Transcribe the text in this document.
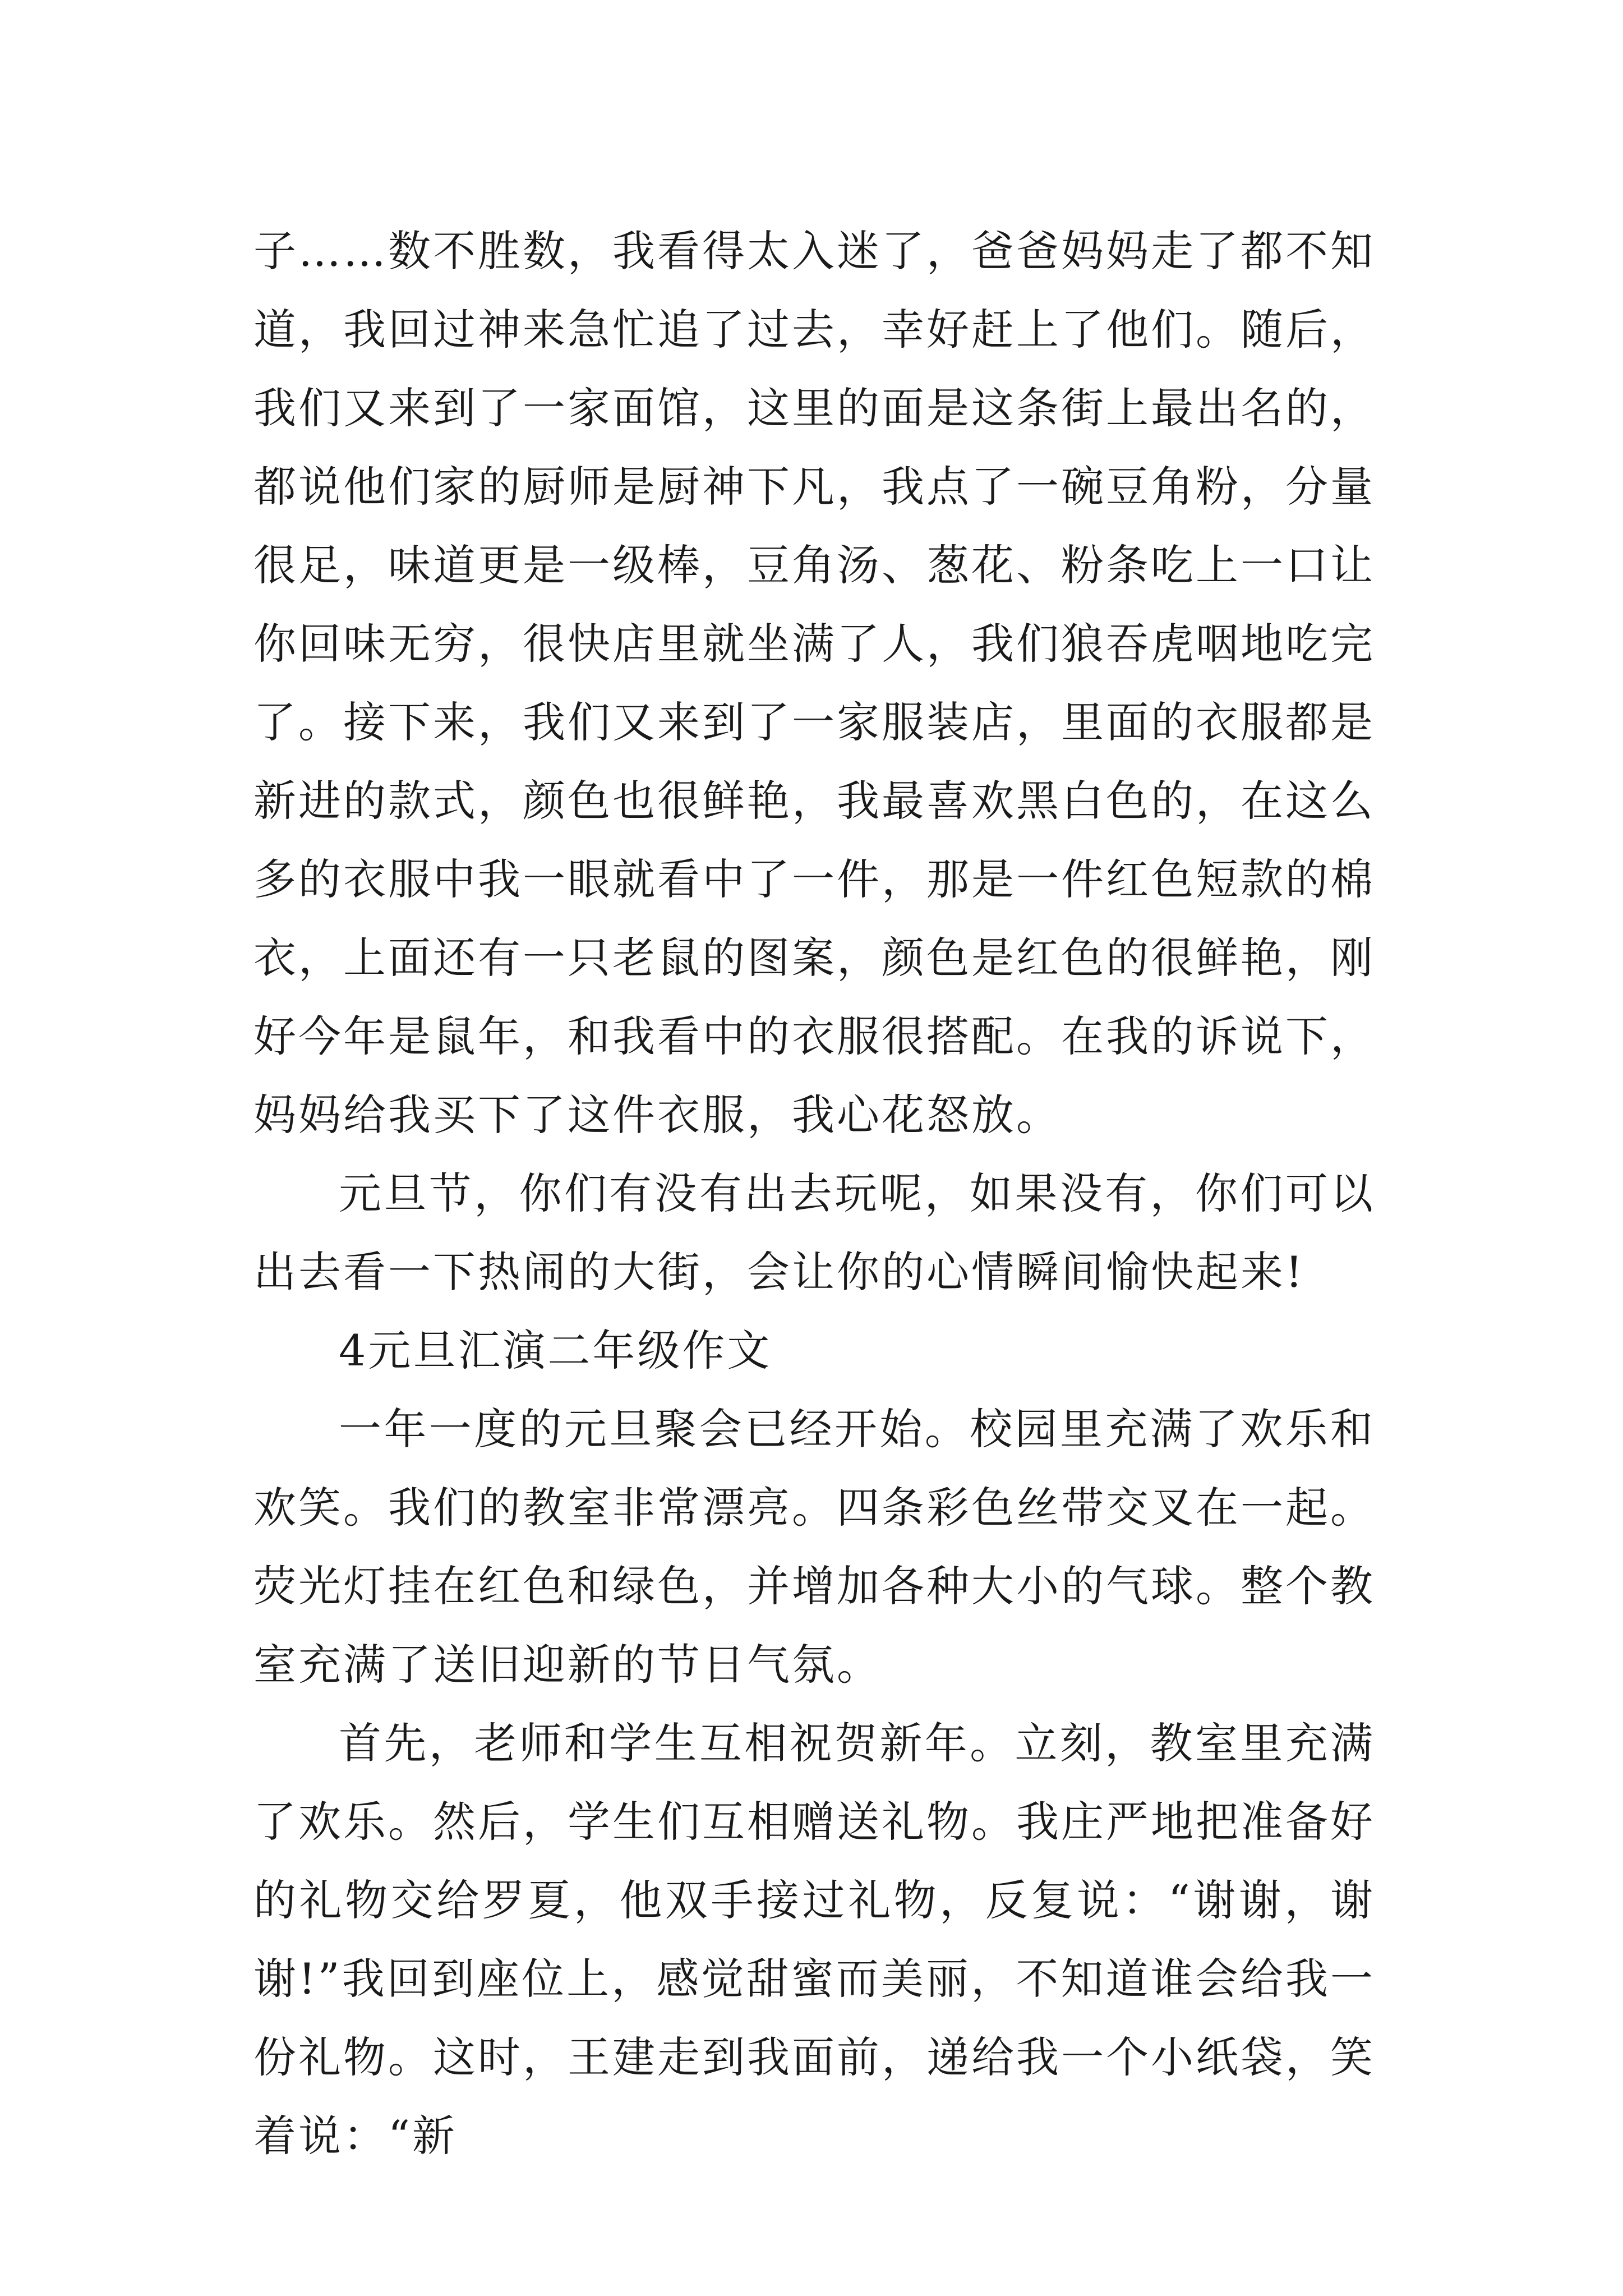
子……数不胜数，我看得太入迷了，爸爸妈妈走了都不知道，我回过神来急忙追了过去，幸好赶上了他们。随后，我们又来到了一家面馆，这里的面是这条街上最出名的，都说他们家的厨师是厨神下凡，我点了一碗豆角粉，分量很足，味道更是一级棒，豆角汤、葱花、粉条吃上一口让你回味无穷，很快店里就坐满了人，我们狼吞虎咽地吃完了。接下来，我们又来到了一家服装店，里面的衣服都是新进的款式，颜色也很鲜艳，我最喜欢黑白色的，在这么多的衣服中我一眼就看中了一件，那是一件红色短款的棉衣，上面还有一只老鼠的图案，颜色是红色的很鲜艳，刚好今年是鼠年，和我看中的衣服很搭配。在我的诉说下，妈妈给我买下了这件衣服，我心花怒放。

元旦节，你们有没有出去玩呢，如果没有，你们可以出去看一下热闹的大街，会让你的心情瞬间愉快起来!

4元旦汇演二年级作文

一年一度的元旦聚会已经开始。校园里充满了欢乐和欢笑。我们的教室非常漂亮。四条彩色丝带交叉在一起。荧光灯挂在红色和绿色，并增加各种大小的气球。整个教室充满了送旧迎新的节日气氛。

首先，老师和学生互相祝贺新年。立刻，教室里充满了欢乐。然后，学生们互相赠送礼物。我庄严地把准备好的礼物交给罗夏，他双手接过礼物，反复说：“谢谢，谢谢!”我回到座位上，感觉甜蜜而美丽，不知道谁会给我一份礼物。这时，王建走到我面前，递给我一个小纸袋，笑着说：“新
